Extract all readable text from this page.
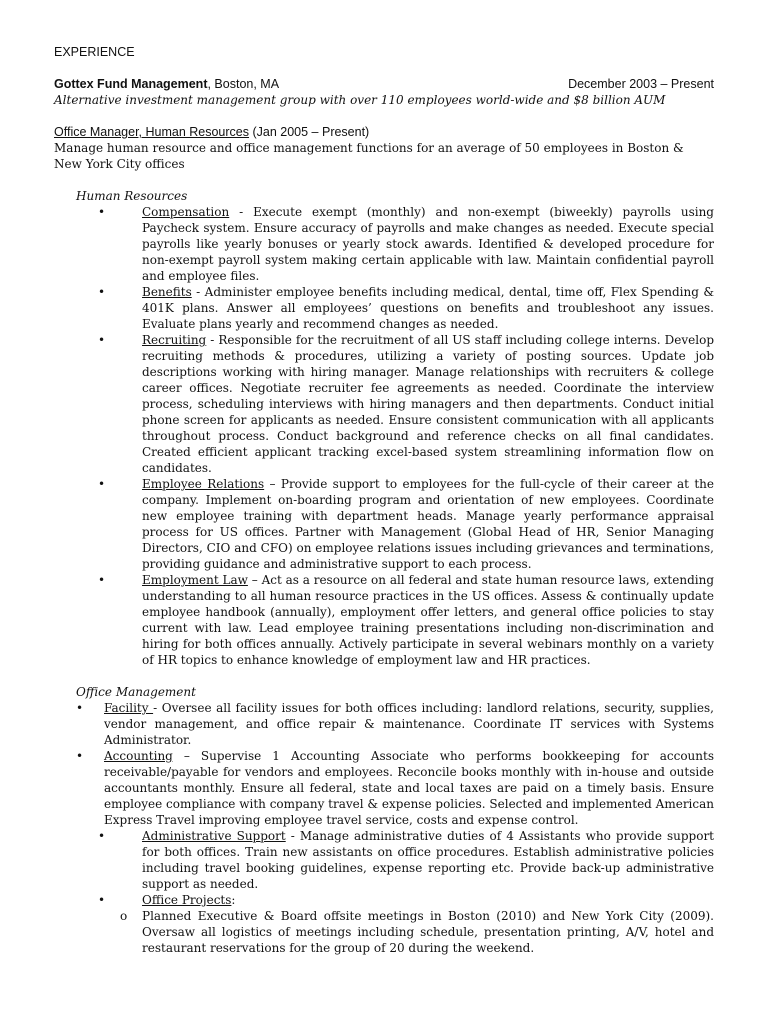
EXPERIENCE
Gottex Fund Management, Boston, MA	December 2003 – Present
Alternative investment management group with over 110 employees world-wide and $8 billion AUM
Office Manager, Human Resources (Jan 2005 – Present)
Manage human resource and office management functions for an average of 50 employees in Boston & New York City offices
Human Resources
•	Compensation - Execute exempt (monthly) and non-exempt (biweekly) payrolls using Paycheck system. Ensure accuracy of payrolls and make changes as needed. Execute special payrolls like yearly bonuses or yearly stock awards. Identified & developed procedure for non-exempt payroll system making certain applicable with law. Maintain confidential payroll and employee files.
•	Benefits - Administer employee benefits including medical, dental, time off, Flex Spending & 401K plans. Answer all employees’ questions on benefits and troubleshoot any issues. Evaluate plans yearly and recommend changes as needed.
•	Recruiting - Responsible for the recruitment of all US staff including college interns. Develop recruiting methods & procedures, utilizing a variety of posting sources. Update job descriptions working with hiring manager. Manage relationships with recruiters & college career offices. Negotiate recruiter fee agreements as needed. Coordinate the interview process, scheduling interviews with hiring managers and then departments. Conduct initial phone screen for applicants as needed. Ensure consistent communication with all applicants throughout process. Conduct background and reference checks on all final candidates. Created efficient applicant tracking excel-based system streamlining information flow on candidates.
•	Employee Relations – Provide support to employees for the full-cycle of their career at the company. Implement on-boarding program and orientation of new employees. Coordinate new employee training with department heads. Manage yearly performance appraisal process for US offices. Partner with Management (Global Head of HR, Senior Managing Directors, CIO and CFO) on employee relations issues including grievances and terminations, providing guidance and administrative support to each process.
•	Employment Law – Act as a resource on all federal and state human resource laws, extending understanding to all human resource practices in the US offices. Assess & continually update employee handbook (annually), employment offer letters, and general office policies to stay current with law. Lead employee training presentations including non-discrimination and hiring for both offices annually. Actively participate in several webinars monthly on a variety of HR topics to enhance knowledge of employment law and HR practices.
Office Management
•	Facility - Oversee all facility issues for both offices including: landlord relations, security, supplies, vendor management, and office repair & maintenance. Coordinate IT services with Systems Administrator.
•	Accounting – Supervise 1 Accounting Associate who performs bookkeeping for accounts receivable/payable for vendors and employees. Reconcile books monthly with in-house and outside accountants monthly. Ensure all federal, state and local taxes are paid on a timely basis. Ensure employee compliance with company travel & expense policies. Selected and implemented American Express Travel improving employee travel service, costs and expense control.
•	Administrative Support - Manage administrative duties of 4 Assistants who provide support for both offices. Train new assistants on office procedures. Establish administrative policies including travel booking guidelines, expense reporting etc. Provide back-up administrative support as needed.
•	Office Projects:
o	Planned Executive & Board offsite meetings in Boston (2010) and New York City (2009). Oversaw all logistics of meetings including schedule, presentation printing, A/V, hotel and restaurant reservations for the group of 20 during the weekend.
